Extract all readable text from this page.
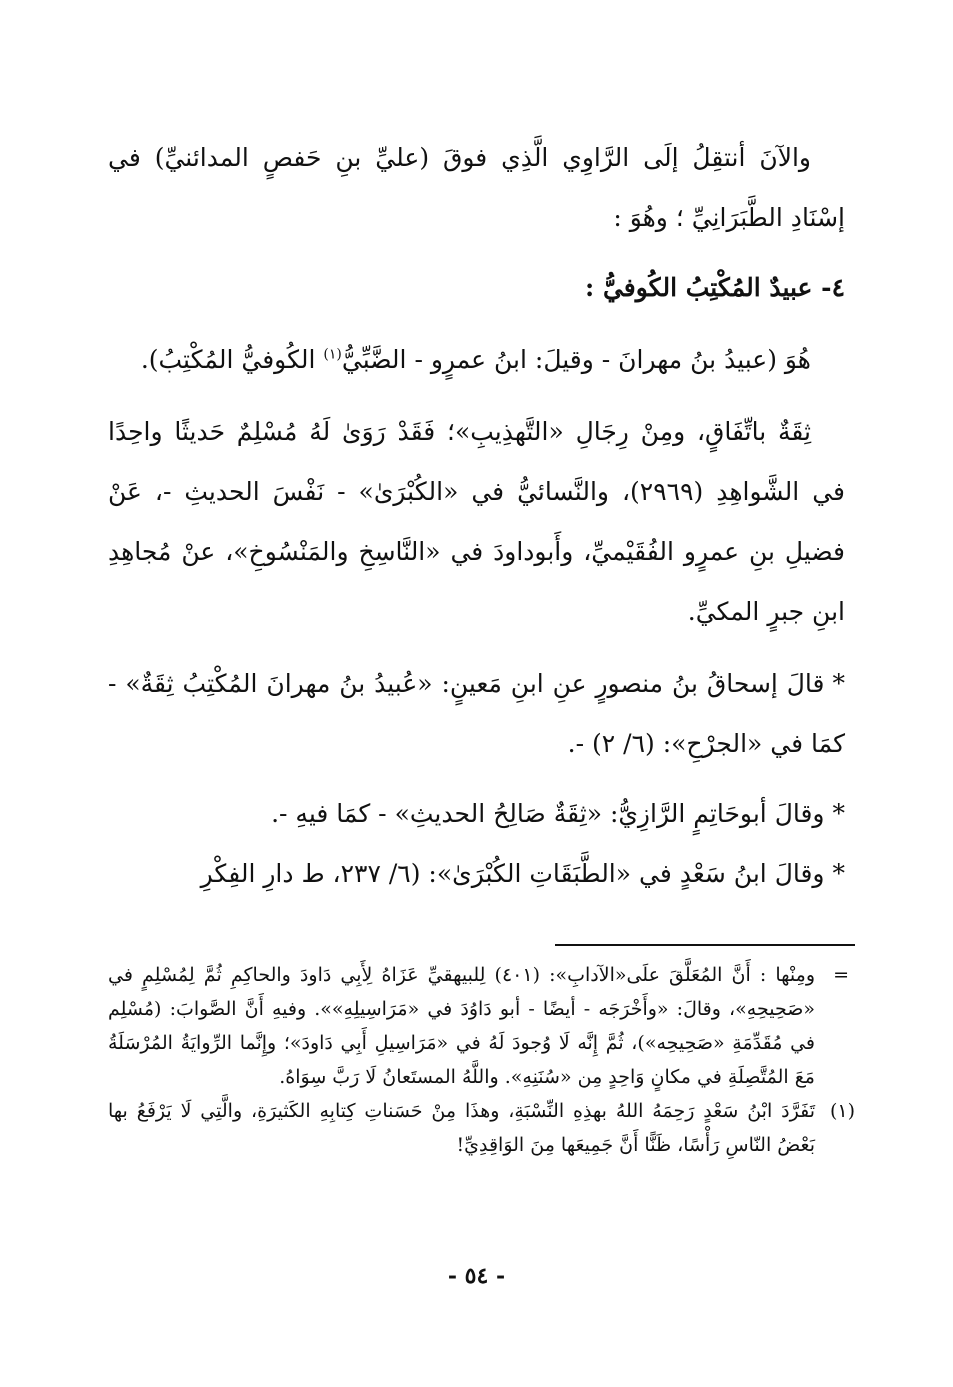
والآنَ أنتقِلُ إلَى الرَّاوِي الَّذِي فوقَ (عليِّ بنِ حَفصٍ المدائنيِّ) في إسْنَادِ الطَّبَرَانِيِّ ؛ وهُوَ :

٤- عبيدٌ المُكْتِبُ الكُوفيُّ :

هُوَ (عبيدُ بنُ مهرانَ - وقيلَ: ابنُ عمرٍو - الضَّبِّيُّ$^{(١)}$ الكُوفيُّ المُكْتِبُ).

ثِقَةٌ باتِّفَاقٍ، ومِنْ رِجَالِ «التَّهذِيبِ»؛ فَقَدْ رَوَىٰ لَهُ مُسْلِمٌ حَديثًا واحِدًا في الشَّواهِدِ (٢٩٦٩)، والنَّسائيُّ في «الكُبْرَىٰ» - نَفْسَ الحديثِ -، عَنْ فضيلِ بنِ عمرٍو الفُقَيْميِّ، وأَبوداودَ في «النَّاسِخِ والمَنْسُوخِ»، عنْ مُجاهِدِ ابنِ جبرٍ المكيِّ.

*قالَ إسحاقُ بنُ منصورٍ عنِ ابنِ مَعينٍ: «عُبيدُ بنُ مهرانَ المُكْتِبُ ثِقَةٌ» - كمَا في «الجرْحِ»: (٦/ ٢) -.

*وقالَ أبوحَاتِمٍ الرَّازِيُّ: «ثِقَةٌ صَالِحُ الحديثِ» - كمَا فيهِ -.

*وقالَ ابنُ سَعْدٍ في «الطَّبَقَاتِ الكُبْرَىٰ»: (٦/ ٢٣٧، ط دارِ الفِكْرِ

=
ومِنْها : أَنَّ المُعَلَّقَ علَى«الآدابِ»: (٤٠١) لِلبيهقيِّ عَزَاهُ لِأَبِي دَاودَ والحاكِمِ ثُمَّ لِمُسْلِمٍ في «صَحِيحِهِ»، وقالَ: «وأَخْرَجَه - أيضًا - أبو دَاوُدَ في «مَرَاسِيلِهِ»». وفيهِ أَنَّ الصَّوابَ: (مُسْلِم في مُقَدِّمَةِ «صَحِيحِه»)، ثُمَّ إِنَّه لَا وُجودَ لَهُ في «مَرَاسِيلِ أَبِي دَاودَ»؛ وإِنَّما الرِّوايَةُ المُرْسَلَةُ مَعَ المُتَّصِلَةِ في مكانٍ وَاحِدٍ مِن «سُنَنِهِ». واللَّهُ المستَعانُ لَا رَبَّ سِوَاهُ.

(١)
تَفَرَّدَ ابْنُ سَعْدٍ رَحِمَهُ اللهُ بهذِهِ النِّسْبَةِ، وهذَا مِنْ حَسَناتِ كِتابِهِ الكَثيرَةِ، والَّتِي لَا يَرْفَعُ بها بَعْضُ النّاسِ رَأْسًا، ظَنًّا أَنَّ جَمِيعَها مِنَ الوَاقِدِيِّ!

- ٥٤ -
